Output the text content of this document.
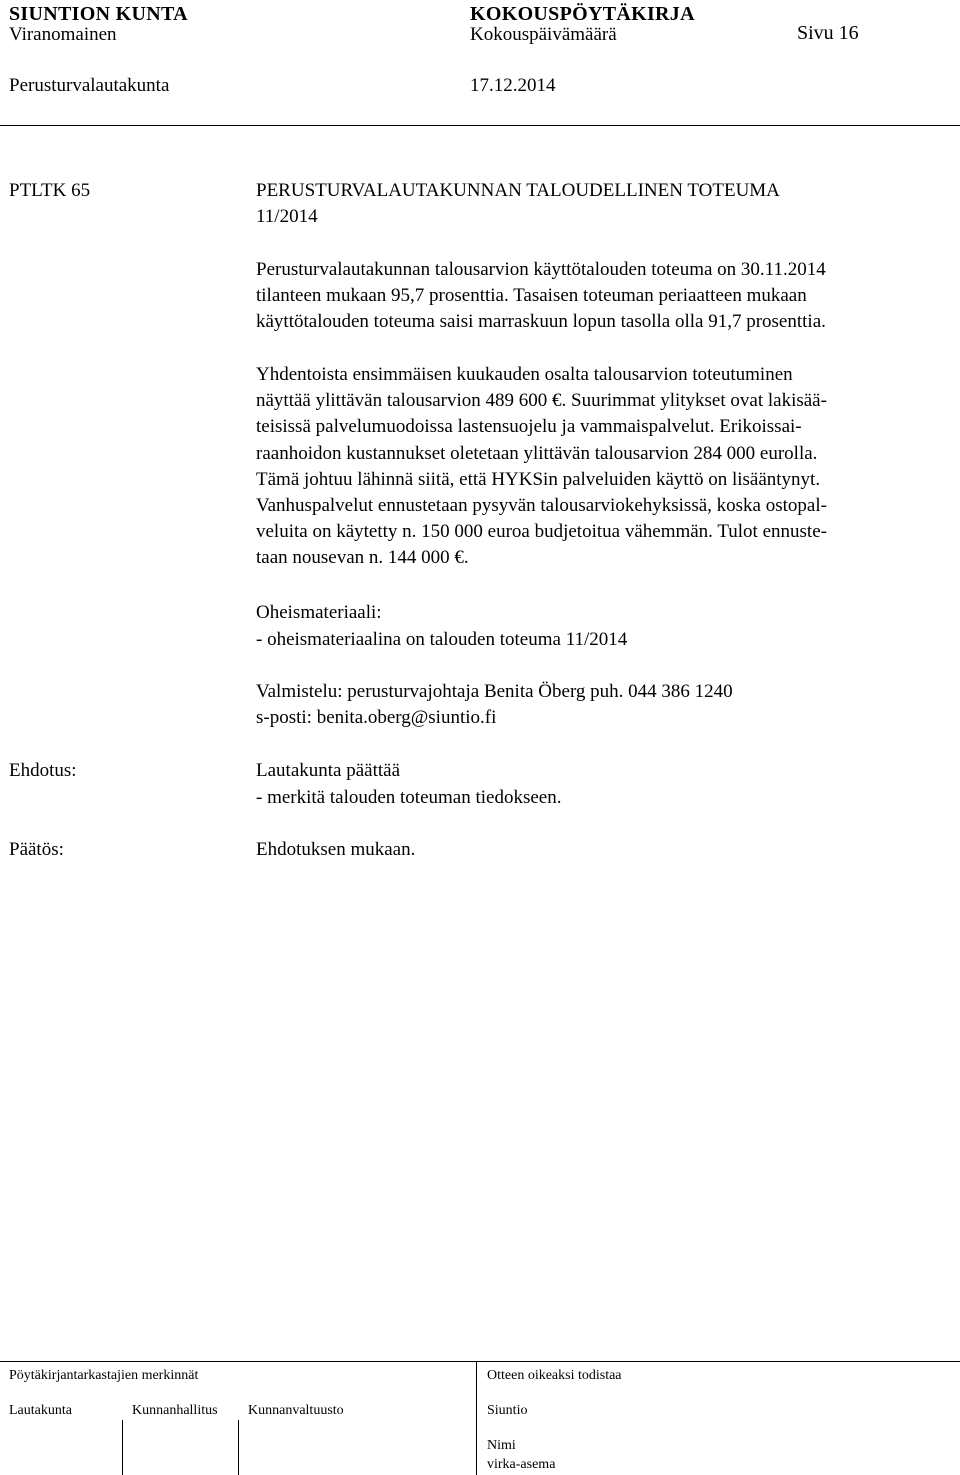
SIUNTION KUNTA	KOKOUSPÖYTÄKIRJA
Viranomainen	Kokouspäivämäärä	Sivu 16
Perusturvalautakunta	17.12.2014
PTLTK 65	PERUSTURVALAUTAKUNNAN TALOUDELLINEN TOTEUMA
11/2014
Perusturvalautakunnan talousarvion käyttötalouden toteuma on 30.11.2014
tilanteen mukaan 95,7 prosenttia. Tasaisen toteuman periaatteen mukaan
käyttötalouden toteuma saisi marraskuun lopun tasolla olla 91,7 prosenttia.
Yhdentoista ensimmäisen kuukauden osalta talousarvion toteutuminen
näyttää ylittävän talousarvion 489 600 €. Suurimmat ylitykset ovat lakisää-
teisissä palvelumuodoissa lastensuojelu ja vammaispalvelut. Erikoissai-
raanhoidon kustannukset oletetaan ylittävän talousarvion 284 000 eurolla.
Tämä johtuu lähinnä siitä, että HYKSin palveluiden käyttö on lisääntynyt.
Vanhuspalvelut ennustetaan pysyvän talousarviokehyksissä, koska ostopal-
veluita on käytetty n. 150 000 euroa budjetoitua vähemmän. Tulot ennuste-
taan nousevan n. 144 000 €.
Oheismateriaali:
- oheismateriaalina on talouden toteuma 11/2014
Valmistelu: perusturvajohtaja Benita Öberg puh. 044 386 1240
s-posti: benita.oberg@siuntio.fi
Ehdotus:	Lautakunta päättää
- merkitä talouden toteuman tiedokseen.
Päätös:	Ehdotuksen mukaan.
Pöytäkirjantarkastajien merkinnät	Otteen oikeaksi todistaa
Lautakunta	Kunnanhallitus Kunnanvaltuusto	Siuntio
Nimi
virka-asema
